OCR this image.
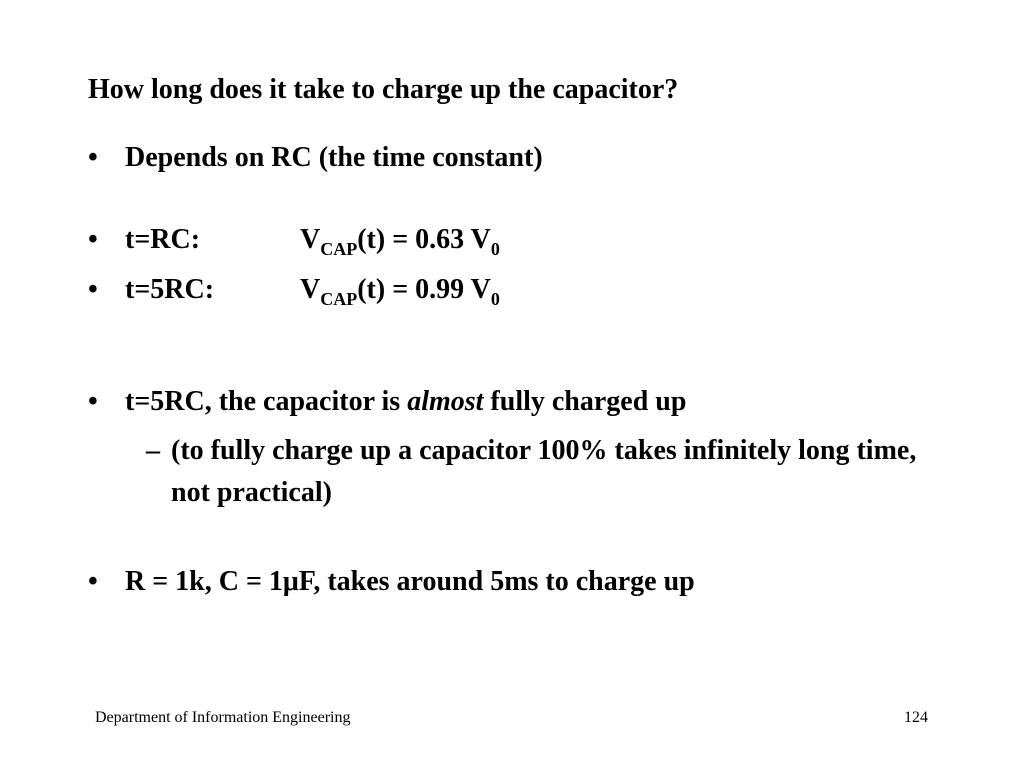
How long does it take to charge up the capacitor?
• Depends on RC (the time constant)
• t=RC:	$V_{CAP}(t) = 0.63$ $V_0$
• t=5RC:	$V_{CAP}(t) = 0.99$ $V_0$
• t=5RC, the capacitor is almost fully charged up
– (to fully charge up a capacitor 100% takes infinitely long time, not practical)
• R = 1k, C = 1μF, takes around 5ms to charge up
Department of Information Engineering	124
